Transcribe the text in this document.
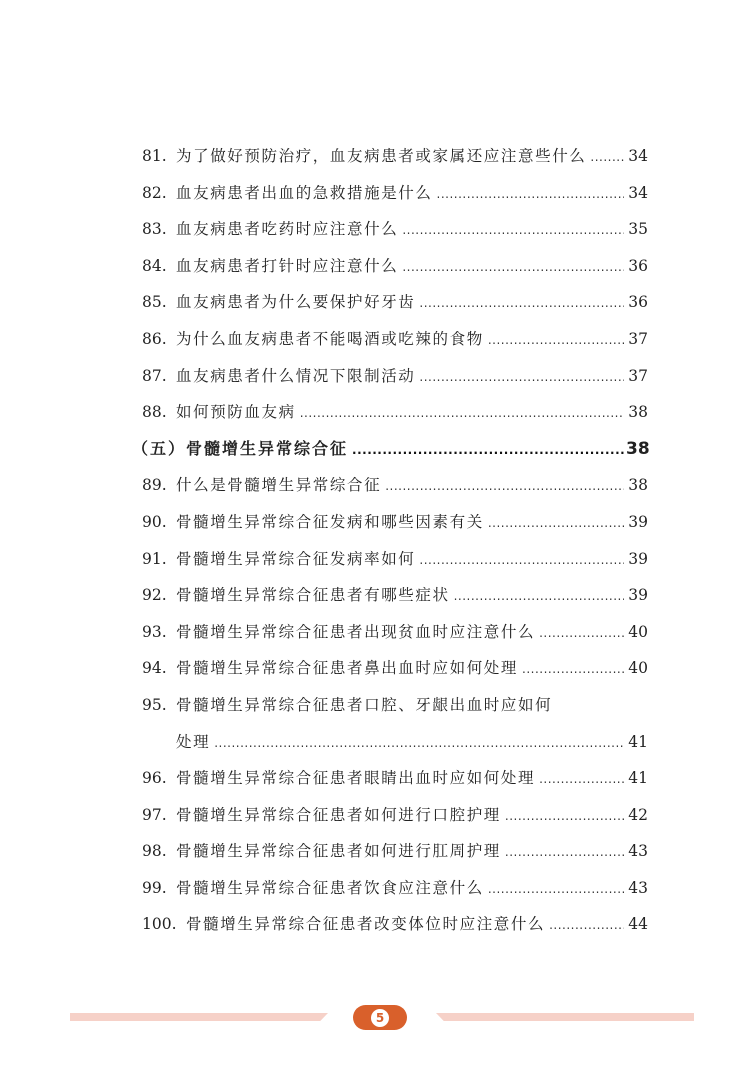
81. 为了做好预防治疗，血友病患者或家属还应注意些什么 .....	34
82. 血友病患者出血的急救措施是什么 .....	34
83. 血友病患者吃药时应注意什么 .....	35
84. 血友病患者打针时应注意什么 .....	36
85. 血友病患者为什么要保护好牙齿 .....	36
86. 为什么血友病患者不能喝酒或吃辣的食物 .....	37
87. 血友病患者什么情况下限制活动 .....	37
88. 如何预防血友病 .....	38
（五）骨髓增生异常综合征 .....	38
89. 什么是骨髓增生异常综合征 .....	38
90. 骨髓增生异常综合征发病和哪些因素有关 .....	39
91. 骨髓增生异常综合征发病率如何 .....	39
92. 骨髓增生异常综合征患者有哪些症状 .....	39
93. 骨髓增生异常综合征患者出现贫血时应注意什么 .....	40
94. 骨髓增生异常综合征患者鼻出血时应如何处理 .....	40
95. 骨髓增生异常综合征患者口腔、牙龈出血时应如何
处理 .....	41
96. 骨髓增生异常综合征患者眼睛出血时应如何处理 .....	41
97. 骨髓增生异常综合征患者如何进行口腔护理 .....	42
98. 骨髓增生异常综合征患者如何进行肛周护理 .....	43
99. 骨髓增生异常综合征患者饮食应注意什么 .....	43
100. 骨髓增生异常综合征患者改变体位时应注意什么 .....	44
5
